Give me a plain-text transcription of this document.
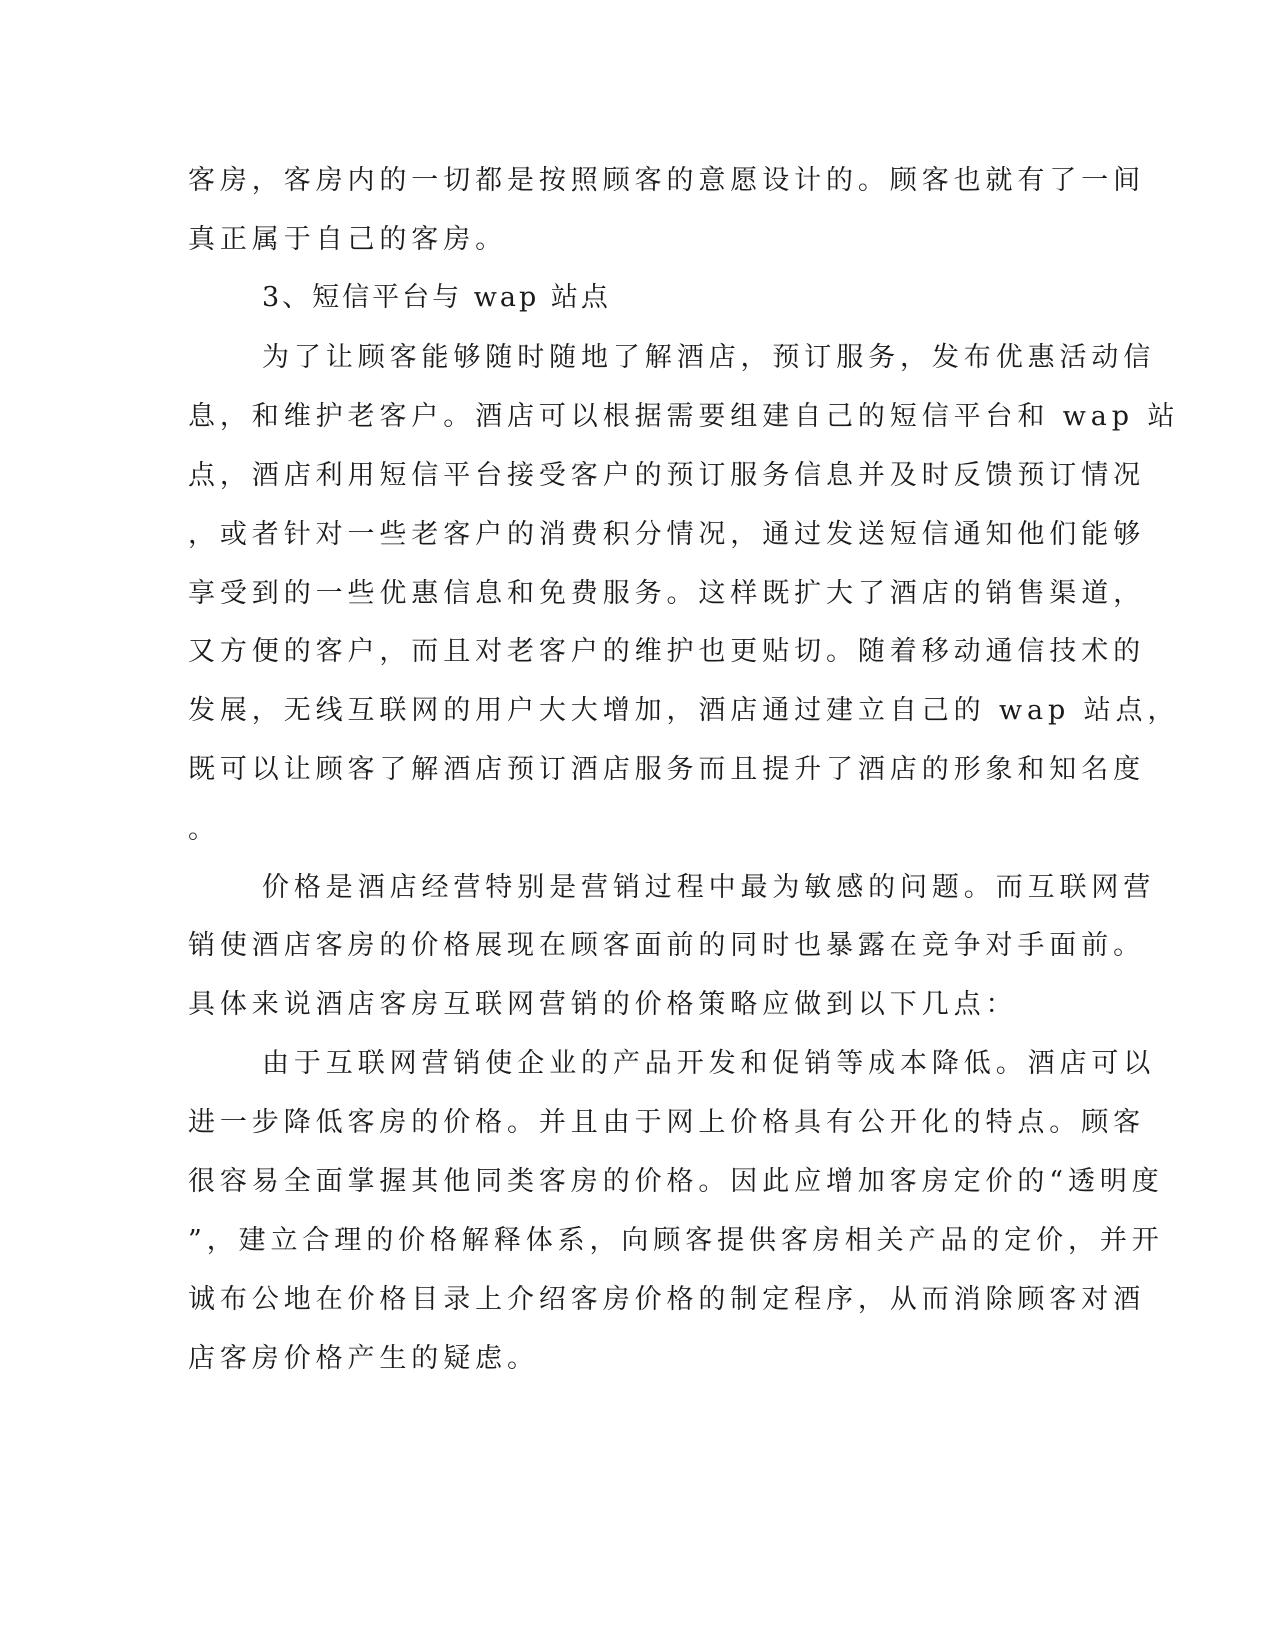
客房，客房内的一切都是按照顾客的意愿设计的。顾客也就有了一间
真正属于自己的客房。
3、短信平台与 wap 站点
为了让顾客能够随时随地了解酒店，预订服务，发布优惠活动信
息，和维护老客户。酒店可以根据需要组建自己的短信平台和 wap 站
点，酒店利用短信平台接受客户的预订服务信息并及时反馈预订情况
，或者针对一些老客户的消费积分情况，通过发送短信通知他们能够
享受到的一些优惠信息和免费服务。这样既扩大了酒店的销售渠道，
又方便的客户，而且对老客户的维护也更贴切。随着移动通信技术的
发展，无线互联网的用户大大增加，酒店通过建立自己的 wap 站点，
既可以让顾客了解酒店预订酒店服务而且提升了酒店的形象和知名度
。
价格是酒店经营特别是营销过程中最为敏感的问题。而互联网营
销使酒店客房的价格展现在顾客面前的同时也暴露在竞争对手面前。
具体来说酒店客房互联网营销的价格策略应做到以下几点：
由于互联网营销使企业的产品开发和促销等成本降低。酒店可以
进一步降低客房的价格。并且由于网上价格具有公开化的特点。顾客
很容易全面掌握其他同类客房的价格。因此应增加客房定价的“透明度
”，建立合理的价格解释体系，向顾客提供客房相关产品的定价，并开
诚布公地在价格目录上介绍客房价格的制定程序，从而消除顾客对酒
店客房价格产生的疑虑。
